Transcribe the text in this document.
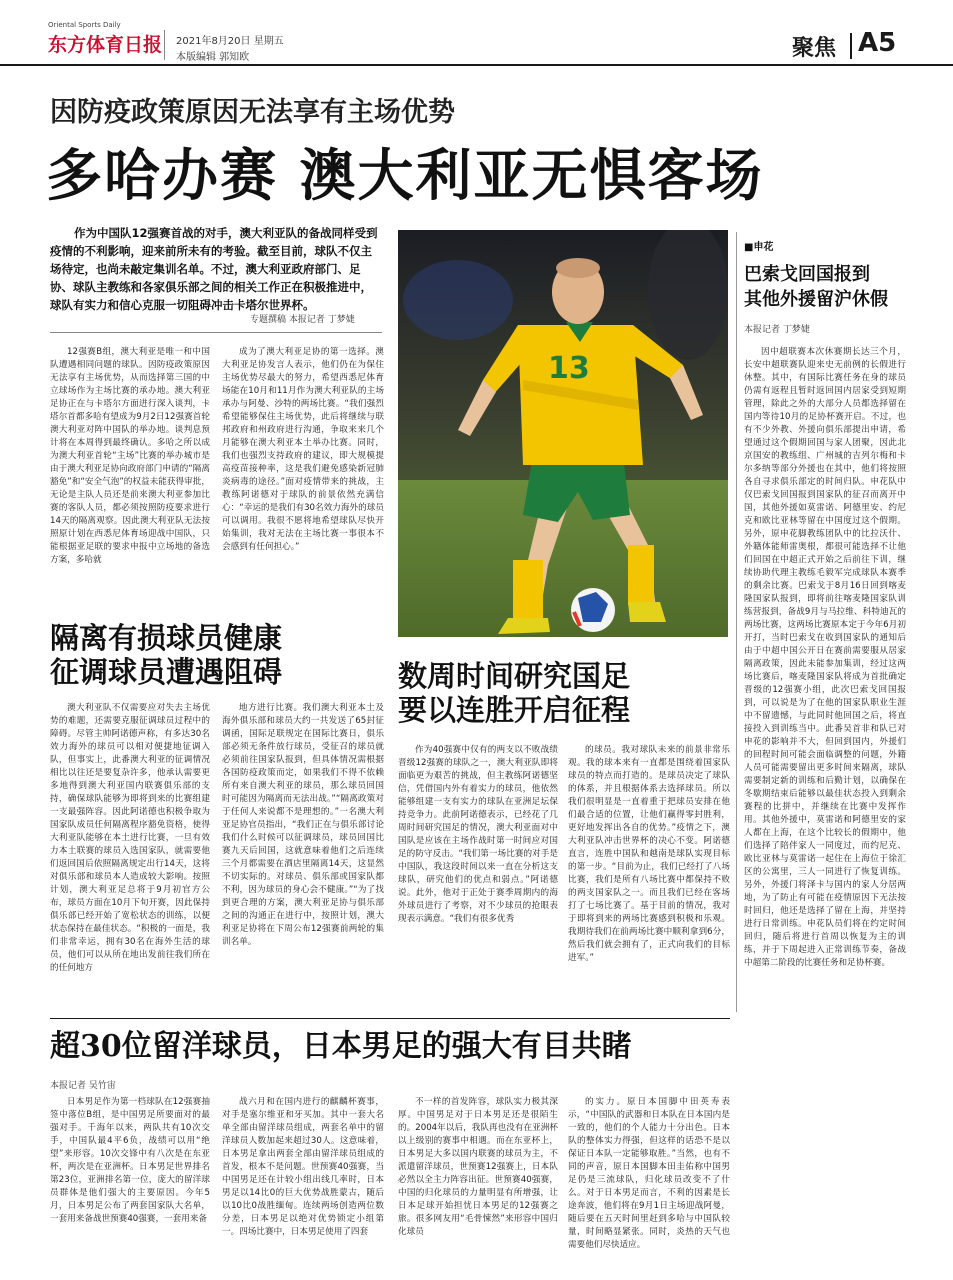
Oriental Sports Daily
东方体育日报 2021年8月20日 星期五
本版编辑 郭知欧	聚焦 A5
因防疫政策原因无法享有主场优势
多哈办赛 澳大利亚无惧客场
作为中国队12强赛首战的对手，澳大利亚队的备战同样受到疫情的不利影响，迎来前所未有的考验。截至目前，球队不仅主场待定，也尚未敲定集训名单。不过，澳大利亚政府部门、足协、球队主教练和各家俱乐部之间的相关工作正在积极推进中，球队有实力和信心克服一切阻碍冲击卡塔尔世界杯。
专题撰稿 本报记者 丁梦婕
12强赛B组，澳大利亚是唯一和中国队遭遇相同问题的球队。因防疫政策原因无法享有主场优势，从而选择第三国的中立球场作为主场比赛的承办地。澳大利亚足协正在与卡塔尔方面进行深入谈判，卡塔尔首都多哈有望成为9月2日12强赛首轮澳大利亚对阵中国队的举办地。谈判息预计将在本周得到最终确认。多哈之所以成为澳大利亚首轮“主场”比赛的举办城市是由于澳大利亚足协向政府部门申请的“隔离豁免”和“安全气泡”的权益未能获得审批，无论是主队人员还是前来澳大利亚参加比赛的客队人员，都必须按照防疫要求进行14天的隔离观察。因此澳大利亚队无法按照原计划在西悉尼体育场迎战中国队，只能根据亚足联的要求申报中立场地的备选方案，多哈就
成为了澳大利亚足协的第一选择。澳大利亚足协发言人表示，他们仍在为保住主场优势尽最大的努力，希望西悉尼体育场能在10月和11月作为澳大利亚队的主场承办与阿曼、沙特的两场比赛。“我们强烈希望能够保住主场优势，此后将继续与联邦政府和州政府进行沟通，争取来来几个月能够在澳大利亚本土举办比赛。同时，我们也强烈支持政府的建议，即大规模提高疫苗接种率，这是我们避免感染新冠肺炎病毒的途径。”面对疫情带来的挑战，主教练阿诺德对于球队的前景依然充满信心：“幸运的是我们有30名效力海外的球员可以调用。我很不愿将地希望球队尽快开始集训，我对无法在主场比赛一事很本不会感到有任何担心。”
13
隔离有损球员健康
征调球员遭遇阻碍
澳大利亚队不仅需要应对失去主场优势的难题，还需要克服征调球员过程中的障碍。尽管主帅阿诺德声称，有多达30名效力海外的球员可以相对便捷地征调入队，但事实上，此番澳大利亚的征调情况相比以往还是要复杂许多，他承认需要更多地得到澳大利亚国内联赛俱乐部的支持，确保球队能够为即将到来的比赛组建一支最强阵容。因此阿诺德也积极争取为国家队成员任何隔离程序豁免资格，使得大利亚队能够在本土进行比赛，一旦有效力本土联赛的球员入选国家队，就需要他们返回国后依照隔离规定出行14天，这将对俱乐部和球员本人造成较大影响。按照计划，澳大利亚足总将于9月初官方公布，球员方面在10月下旬开赛，因此保持俱乐部已经开始了宽松状态的训练，以便状态保持在最佳状态。“积极的一面是，我们非常幸运，拥有30名在海外生活的球员，他们可以从所在地出发前往我们所在的任何地方
地方进行比赛。我们澳大利亚本土及海外俱乐部和球员大约一共发送了65封征调函，国际足联规定在国际比赛日，俱乐部必须无条件放行球员，受征召的球员就必须前往国家队报到，但具体情况需根据各国防疫政策而定，如果我们不得不依赖所有来自澳大利亚的球员，那么球员回国时可能因为隔离而无法出战。”“隔离政策对于任何人来说都不是理想的。”一名澳大利亚足协官员指出，“我们正在与俱乐部讨论我们什么时候可以征调球员，球员回国比赛九天后回国，这就意味着他们之后连续三个月都需要在酒店里隔离14天，这显然不切实际的。对球员、俱乐部或国家队都不利，因为球员的身心会不健康。”“为了找到更合理的方案，澳大利亚足协与俱乐部之间的沟通正在进行中，按照计划，澳大利亚足协将在下周公布12强赛前两轮的集训名单。
数周时间研究国足
要以连胜开启征程
作为40强赛中仅有的两支以不败战绩晋级12强赛的球队之一，澳大利亚队即将面临更为艰苦的挑战，但主教练阿诺德坚信，凭借国内外有着实力的球员，他依然能够组建一支有实力的球队在亚洲足坛保持竞争力。此前阿诺德表示，已经花了几周时间研究国足的情况，澳大利亚面对中国队是应该在主场作战时第一时间应对国足的防守反击。“我们第一场比赛的对手是中国队，我这段时间以来一直在分析这支球队，研究他们的优点和弱点。”阿诺德说。此外，他对于正处于赛季周期内的海外球员进行了考察，对不少球员的抢眼表现表示满意。“我们有很多优秀
的球员。我对球队未来的前景非常乐观。我的球本来有一直都是围绕着国家队球员的特点而打造的。是球员决定了球队的体系，并且根据体系去选择球员。所以我们很明显是一直着重于把球员安排在他们最合适的位置，让他们赢得零封胜利，更好地发挥出各自的优势。”疫情之下，澳大利亚队冲击世界杯的决心不变。阿诺德直言，连胜中国队和越南是球队实现目标的第一步。“目前为止，我们已经打了八场比赛，我们是所有八场比赛中都保持不败的两支国家队之一。而且我们已经在客场打了七场比赛了。基于目前的情况，我对于即将到来的两场比赛感到积极和乐观。我期待我们在前两场比赛中顺利拿到6分，然后我们就会拥有了，正式向我们的目标进军。”
■申花
巴索戈回国报到
其他外援留沪休假
本报记者 丁梦婕
因中超联赛本次休赛期长达三个月，长安中超联赛队迎来史无前例的长假进行休整。其中，有国际比赛任务在身的球员仍需有返程且暂时返回国内居家受到短期管理，除此之外的大部分人员都选择留在国内等待10月的足协杯赛开启。不过，也有不少外教、外援向俱乐部提出申请，希望通过这个假期回国与家人团聚，因此北京国安的教练组、广州城的吉列尔梅和卡尔多纳等部分外援也在其中，他们将按照各自寻求俱乐部定的时间归队。申花队中仅巴索戈回国报到国家队的征召而离开中国，其他外援如莫雷诺、阿德里安、约尼克和欧比亚林等留在中国度过这个假期。另外，原申花脚教练团队中的比拉沃什、外籍体能师雷奥根，都很可能选择不让他们回国在中超正式开始之后前往下训，继续协助代理主教练毛毅军完成球队本赛季的剩余比赛。巴索戈于8月16日回到喀麦隆国家队报到，即将前往喀麦隆国家队训练营报到，备战9月与马拉维、科特迪瓦的两场比赛，这两场比赛原本定于今年6月初开打，当时巴索戈在收到国家队的通知后由于中超中国公开日在赛前需要服从居家隔离政策，因此未能参加集训，经过这两场比赛后，喀麦隆国家队将成为首批确定晋级的12强赛小组，此次巴索戈回国报到，可以说是为了在他的国家队职业生涯中不留遗憾，与此同时他回国之后，将直接投入到训练当中。此番吴首非和队已对申花的影响并不大，但回到国内，外援们的回程时间可能会面临调整的问题，外籍人员可能需要留出更多时间来隔离，球队需要制定新的训练和后勤计划，以确保在冬歇期结束后能够以最佳状态投入到剩余赛程的比拼中，并继续在比赛中发挥作用。其他外援中，莫雷诺和阿德里安的家人都在上海，在这个比较长的假期中，他们选择了陪伴家人一同度过，而约尼克、欧比亚林与莫雷诺一起住在上海位于徐汇区的公寓里，三人一同进行了恢复训练。另外，外援门将泽卡与国内的家人分居两地，为了防止有可能在疫情原因下无法按时回归，他还是选择了留在上海，并坚持进行日常训练。申花队员们将在约定时间回归，随后将进行首周以恢复为主的训练，并于下周起进入正常训练节奏，备战中超第二阶段的比赛任务和足协杯赛。
超30位留洋球员，日本男足的强大有目共睹
本报记者 吴竹宙
日本男足作为第一档球队在12强赛抽签中落位B组，是中国男足所要面对的最强对手。千海年以来，两队共有10次交手，中国队最4平6负，战绩可以用“绝望”来形容。10次交锋中有八次是在东亚杯，两次是在亚洲杯。日本男足世界排名第23位，亚洲排名第一位，庞大的留洋球员群体是他们强大的主要原因。今年5月，日本男足公布了两套国家队大名单，一套用来备战世预赛40强赛，一套用来备
战六月和在国内进行的麒麟杯赛事，对手是塞尔维亚和牙买加。其中一套大名单全部由留洋球员组成，两套名单中的留洋球员人数加起来超过30人。这意味着，日本男足拿出两套全部由留洋球员组成的首发，根本不是问题。世预赛40强赛，当中国男足还在计较小组出线几率时，日本男足以14比0的巨大优势战胜蒙古，随后以10比0战胜缅甸。连续两场创造两位数分差，日本男足以绝对优势锁定小组第一。四场比赛中，日本男足使用了四套
不一样的首发阵容，球队实力极其深厚。中国男足对于日本男足还是很陌生的。2004年以后，我队再也没有在亚洲杯以上级别的赛事中相遇。而在东亚杯上，日本男足大多以国内联赛的球员为主，不派遣留洋球员，世预赛12强赛上，日本队必然以全主力阵容出征。世预赛40强赛，中国的归化球员的力量明显有所增强，让日本足球开始担忧日本男足的12强赛之旅。很多网友用“毛骨悚然”来形容中国归化球员
的实力。原日本国脚中田英寿表示，“中国队的武器和日本队在日本国内是一致的，他们的个人能力十分出色。日本队的整体实力得强，但这样的话恐不是以保证日本队一定能够取胜。”当然，也有不同的声音，原日本国脚本田圭佑称中国男足仍是三流球队，归化球员改变不了什么。对于日本男足而言，不利的因素是长途奔波，他们将在9月1日主场迎战阿曼，随后要在五天时间里赶到多哈与中国队较量，时间略显紧张。同时，炎热的天气也需要他们尽快适应。
